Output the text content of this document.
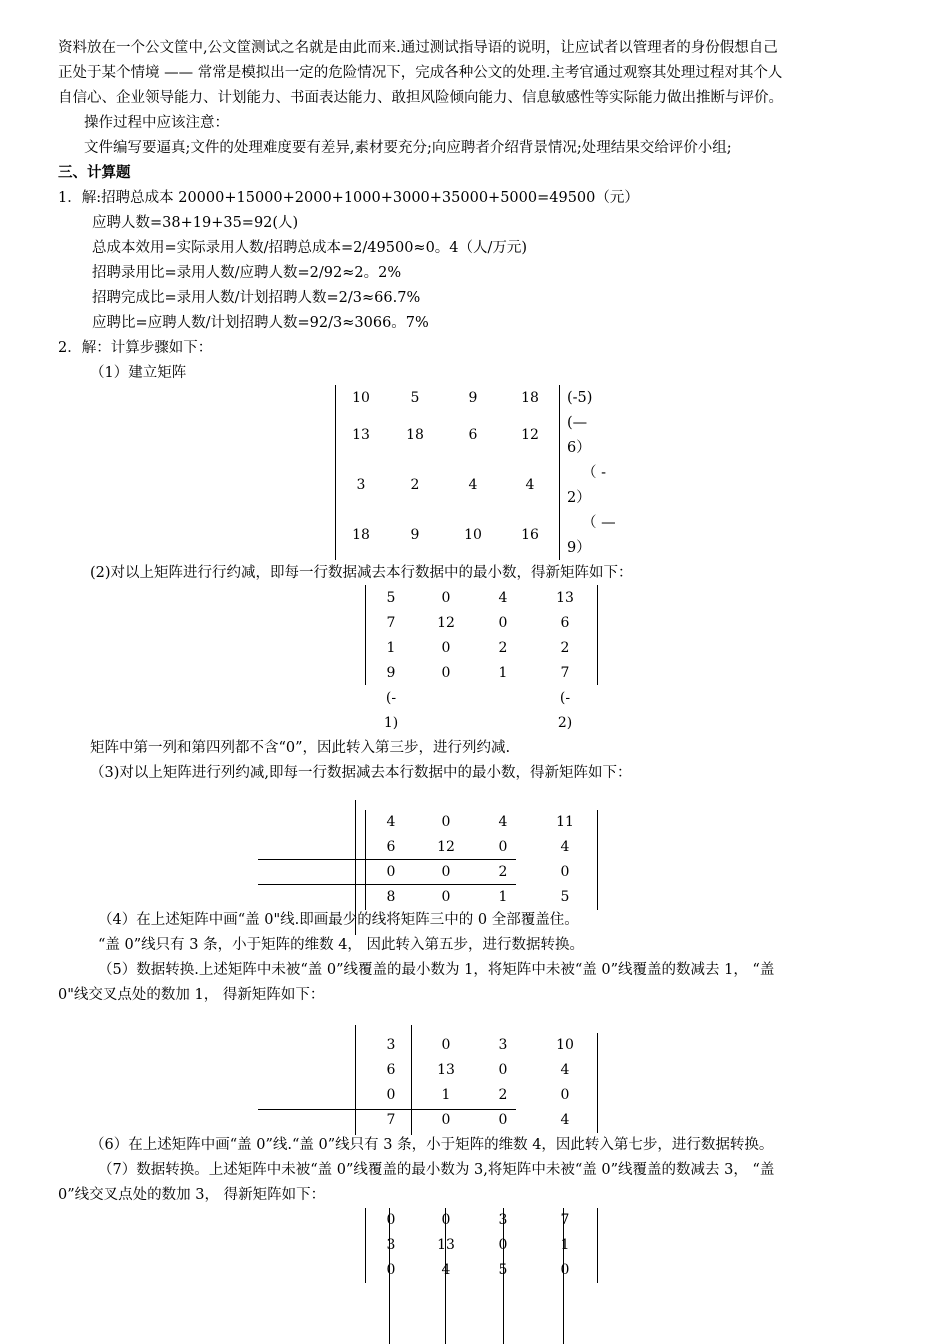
资料放在一个公文筐中,公文筐测试之名就是由此而来.通过测试指导语的说明，让应试者以管理者的身份假想自己
正处于某个情境 —— 常常是模拟出一定的危险情况下，完成各种公文的处理.主考官通过观察其处理过程对其个人
自信心、企业领导能力、计划能力、书面表达能力、敢担风险倾向能力、信息敏感性等实际能力做出推断与评价。
操作过程中应该注意：
文件编写要逼真;文件的处理难度要有差异,素材要充分;向应聘者介绍背景情况;处理结果交给评价小组;
三、计算题
1．解:招聘总成本 20000+15000+2000+1000+3000+35000+5000=49500（元）
应聘人数=38+19+35=92(人)
总成本效用=实际录用人数/招聘总成本=2/49500≈0。4（人/万元)
招聘录用比=录用人数/应聘人数=2/92≈2。2%
招聘完成比=录用人数/计划招聘人数=2/3≈66.7%
应聘比=应聘人数/计划招聘人数=92/3≈3066。7%
2．解：计算步骤如下：
（1）建立矩阵
10	5	9	18
13	18	6	12
3	2	4	4
18	9	10	16
(-5)
(—
6）
（ -
2）
（ —
9）
(2)对以上矩阵进行行约减，即每一行数据减去本行数据中的最小数，得新矩阵如下：
5	0	4	13
7	12	0	6
1	0	2	2
9	0	1	7
(-
1)
(-
2)
矩阵中第一列和第四列都不含“0”，因此转入第三步，进行列约减.
（3)对以上矩阵进行列约减,即每一行数据减去本行数据中的最小数，得新矩阵如下：
4	0	4	11
6	12	0	4
0	0	2	0
8	0	1	5
（4）在上述矩阵中画“盖 0"线.即画最少的线将矩阵三中的 0 全部覆盖住。
“盖 0”线只有 3 条，小于矩阵的维数 4， 因此转入第五步，进行数据转换。
（5）数据转换.上述矩阵中未被“盖 0”线覆盖的最小数为 1，将矩阵中未被“盖 0”线覆盖的数减去 1， “盖
0"线交叉点处的数加 1， 得新矩阵如下：
3	0	3	10
6	13	0	4
0	1	2	0
7	0	0	4
（6）在上述矩阵中画“盖 0”线.“盖 0”线只有 3 条，小于矩阵的维数 4，因此转入第七步，进行数据转换。
（7）数据转换。上述矩阵中未被“盖 0”线覆盖的最小数为 3,将矩阵中未被“盖 0”线覆盖的数减去 3， “盖
0”线交叉点处的数加 3， 得新矩阵如下：
0	0	3	7
3	13	0	1
0	4	5	0
